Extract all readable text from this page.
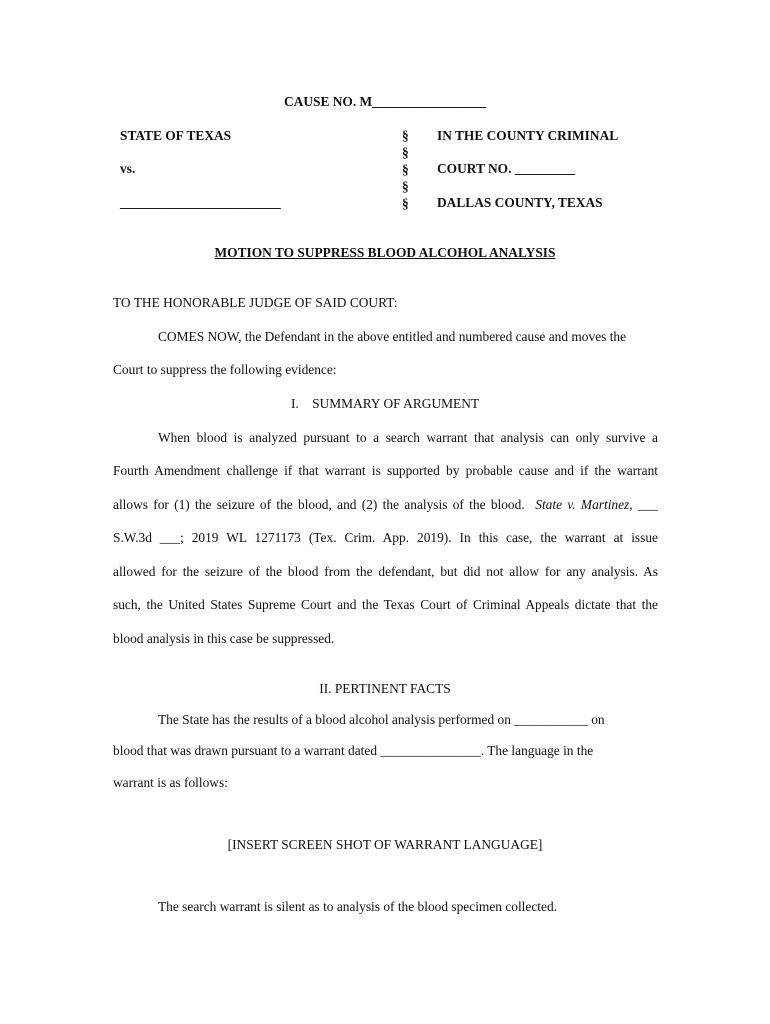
CAUSE NO. M_________________
STATE OF TEXAS
vs.
________________________
§
§
§
§
§
IN THE COUNTY CRIMINAL
COURT NO. _________
DALLAS COUNTY, TEXAS
MOTION TO SUPPRESS BLOOD ALCOHOL ANALYSIS
TO THE HONORABLE JUDGE OF SAID COURT:
COMES NOW, the Defendant in the above entitled and numbered cause and moves the
Court to suppress the following evidence:
I.    SUMMARY OF ARGUMENT
When blood is analyzed pursuant to a search warrant that analysis can only survive a
Fourth Amendment challenge if that warrant is supported by probable cause and if the warrant
allows for (1) the seizure of the blood, and (2) the analysis of the blood. State v. Martinez, ___
S.W.3d ___; 2019 WL 1271173 (Tex. Crim. App. 2019). In this case, the warrant at issue
allowed for the seizure of the blood from the defendant, but did not allow for any analysis. As
such, the United States Supreme Court and the Texas Court of Criminal Appeals dictate that the
blood analysis in this case be suppressed.
II. PERTINENT FACTS
The State has the results of a blood alcohol analysis performed on ___________ on
blood that was drawn pursuant to a warrant dated _______________. The language in the
warrant is as follows:
[INSERT SCREEN SHOT OF WARRANT LANGUAGE]
The search warrant is silent as to analysis of the blood specimen collected.
